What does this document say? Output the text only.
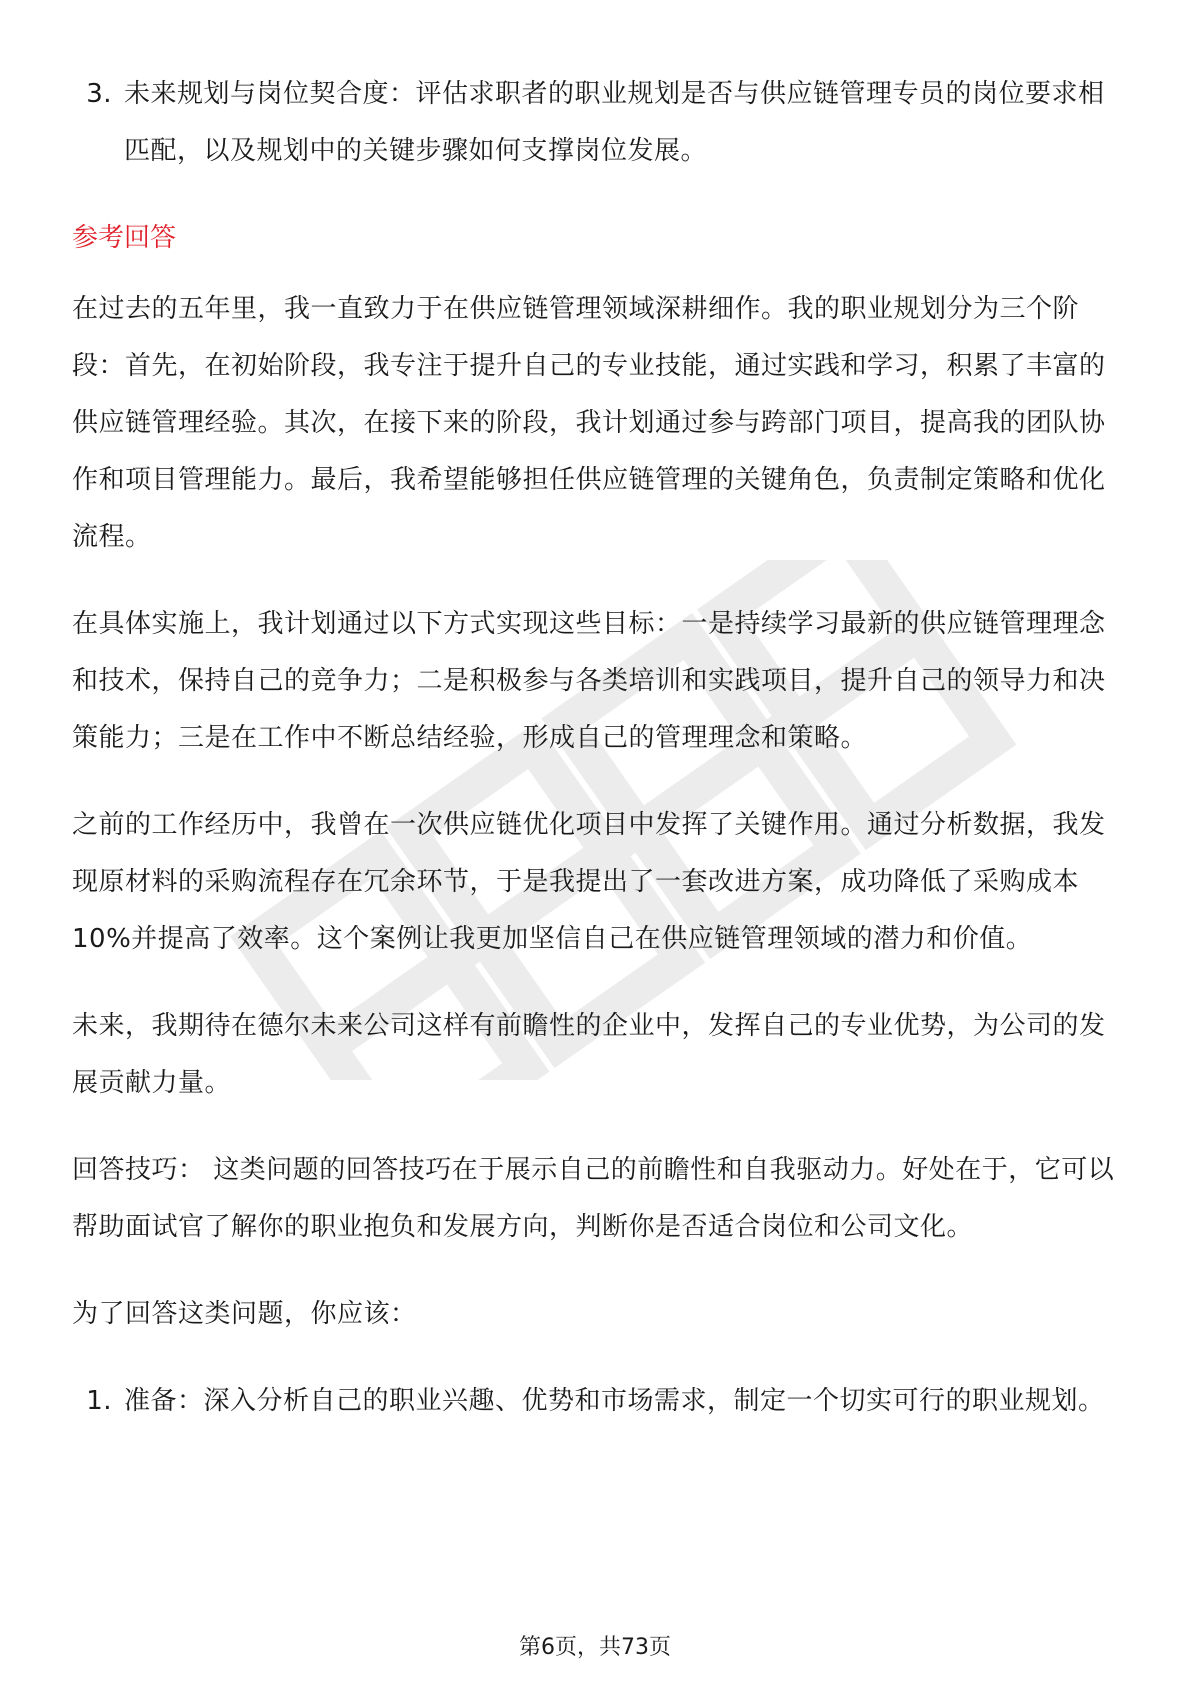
3. 未来规划与岗位契合度：评估求职者的职业规划是否与供应链管理专员的岗位要求相匹配，以及规划中的关键步骤如何支撑岗位发展。
参考回答

在过去的五年里，我一直致力于在供应链管理领域深耕细作。我的职业规划分为三个阶段：首先，在初始阶段，我专注于提升自己的专业技能，通过实践和学习，积累了丰富的供应链管理经验。其次，在接下来的阶段，我计划通过参与跨部门项目，提高我的团队协作和项目管理能力。最后，我希望能够担任供应链管理的关键角色，负责制定策略和优化流程。

在具体实施上，我计划通过以下方式实现这些目标：一是持续学习最新的供应链管理理念和技术，保持自己的竞争力；二是积极参与各类培训和实践项目，提升自己的领导力和决策能力；三是在工作中不断总结经验，形成自己的管理理念和策略。

之前的工作经历中，我曾在一次供应链优化项目中发挥了关键作用。通过分析数据，我发现原材料的采购流程存在冗余环节，于是我提出了一套改进方案，成功降低了采购成本10%并提高了效率。这个案例让我更加坚信自己在供应链管理领域的潜力和价值。

未来，我期待在德尔未来公司这样有前瞻性的企业中，发挥自己的专业优势，为公司的发展贡献力量。

回答技巧： 这类问题的回答技巧在于展示自己的前瞻性和自我驱动力。好处在于，它可以帮助面试官了解你的职业抱负和发展方向，判断你是否适合岗位和公司文化。

为了回答这类问题，你应该：

1. 准备：深入分析自己的职业兴趣、优势和市场需求，制定一个切实可行的职业规划。
第6页，共73页
